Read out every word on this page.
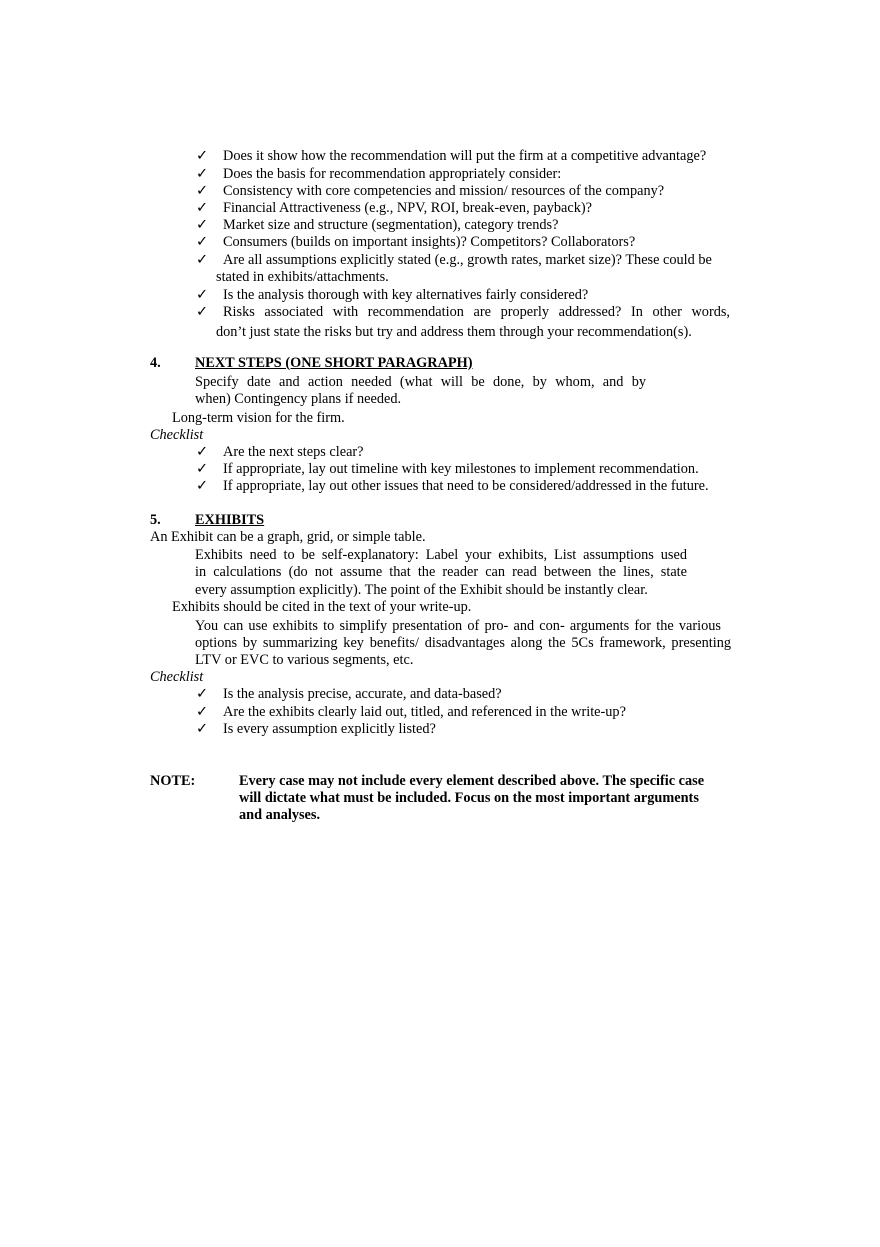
✓ Does it show how the recommendation will put the firm at a competitive advantage?
✓ Does the basis for recommendation appropriately consider:
✓ Consistency with core competencies and mission/ resources of the company?
✓ Financial Attractiveness (e.g., NPV, ROI, break-even, payback)?
✓ Market size and structure (segmentation), category trends?
✓ Consumers (builds on important insights)? Competitors? Collaborators?
✓ Are all assumptions explicitly stated (e.g., growth rates, market size)? These could be
stated in exhibits/attachments.
✓ Is the analysis thorough with key alternatives fairly considered?
✓ Risks associated with recommendation are properly addressed? In other words,
don’t just state the risks but try and address them through your recommendation(s).
4. NEXT STEPS (ONE SHORT PARAGRAPH)
Specify date and action needed (what will be done, by whom, and by
when) Contingency plans if needed.
Long-term vision for the firm.
Checklist
✓ Are the next steps clear?
✓ If appropriate, lay out timeline with key milestones to implement recommendation.
✓ If appropriate, lay out other issues that need to be considered/addressed in the future.
5. EXHIBITS
An Exhibit can be a graph, grid, or simple table.
Exhibits need to be self-explanatory: Label your exhibits, List assumptions used
in calculations (do not assume that the reader can read between the lines, state
every assumption explicitly). The point of the Exhibit should be instantly clear.
Exhibits should be cited in the text of your write-up.
You can use exhibits to simplify presentation of pro- and con- arguments for the various
options by summarizing key benefits/ disadvantages along the 5Cs framework, presenting
LTV or EVC to various segments, etc.
Checklist
✓ Is the analysis precise, accurate, and data-based?
✓ Are the exhibits clearly laid out, titled, and referenced in the write-up?
✓ Is every assumption explicitly listed?
NOTE:	Every case may not include every element described above. The specific case
will dictate what must be included. Focus on the most important arguments
and analyses.
